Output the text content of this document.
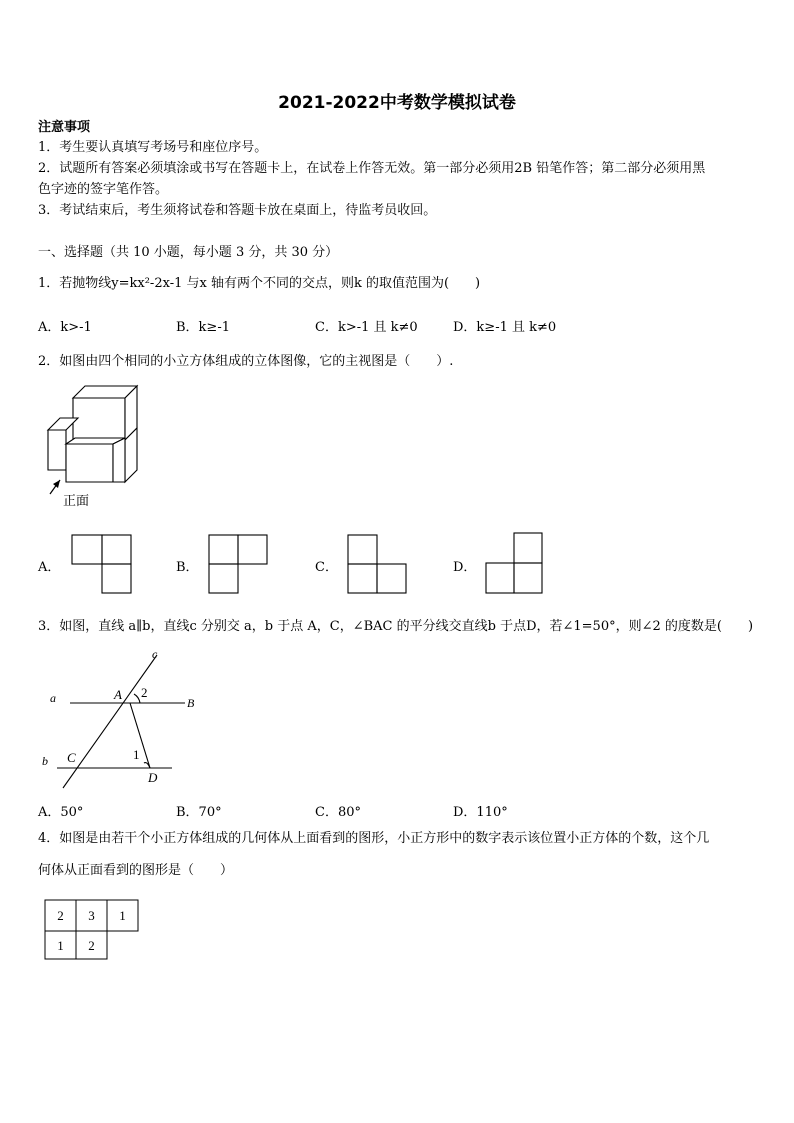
2021-2022中考数学模拟试卷
注意事项
1．考生要认真填写考场号和座位序号。
2．试题所有答案必须填涂或书写在答题卡上，在试卷上作答无效。第一部分必须用2B 铅笔作答；第二部分必须用黑
色字迹的签字笔作答。
3．考试结束后，考生须将试卷和答题卡放在桌面上，待监考员收回。
一、选择题（共 10 小题，每小题 3 分，共 30 分）
1．若抛物线y=kx²-2x-1 与x 轴有两个不同的交点，则k 的取值范围为(　　)
A．k>-1	B．k≥-1	C．k>-1 且 k≠0	D．k≥-1 且 k≠0
2．如图由四个相同的小立方体组成的立体图像，它的主视图是（　　）.
正面
A．	B．	C．	D．
3．如图，直线 a∥b，直线c 分别交 a，b 于点 A，C，∠BAC 的平分线交直线b 于点D，若∠1=50°，则∠2 的度数是(　　)
c
a	A 2
B
1
C
b
D
A．50°	B．70°	C．80°	D．110°
4．如图是由若干个小正方体组成的几何体从上面看到的图形，小正方形中的数字表示该位置小正方体的个数，这个几
何体从正面看到的图形是（　　）
2 3 1
1 2
